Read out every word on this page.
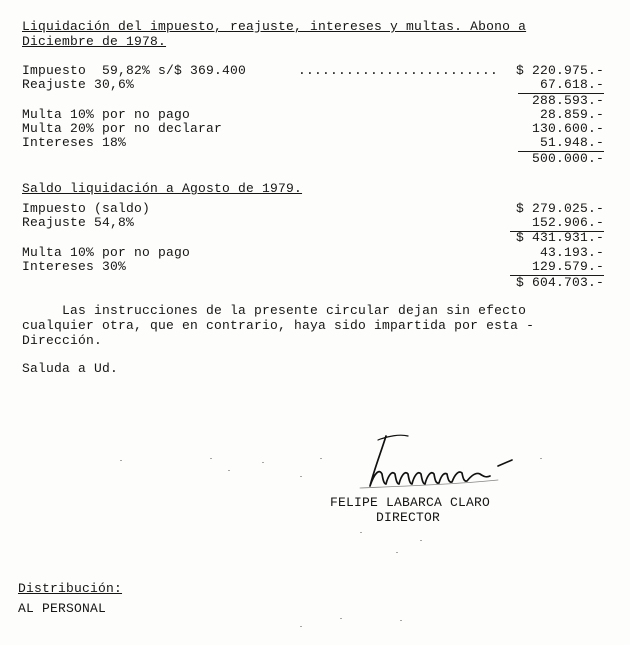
Liquidación del impuesto, reajuste, intereses y multas. Abono a
Diciembre de 1978.
Impuesto  59,82% s/$ 369.400	.........................	$ 220.975.-
Reajuste 30,6%	67.618.-
288.593.-
Multa 10% por no pago	28.859.-
Multa 20% por no declarar	130.600.-
Intereses 18%	51.948.-
500.000.-
Saldo liquidación a Agosto de 1979.
Impuesto (saldo)	$ 279.025.-
Reajuste 54,8%	152.906.-
$ 431.931.-
Multa 10% por no pago	43.193.-
Intereses 30%	129.579.-
$ 604.703.-
Las instrucciones de la presente circular dejan sin efecto
cualquier otra, que en contrario, haya sido impartida por esta -
Dirección.
Saluda a Ud.
FELIPE LABARCA CLARO
DIRECTOR
Distribución:
AL PERSONAL
